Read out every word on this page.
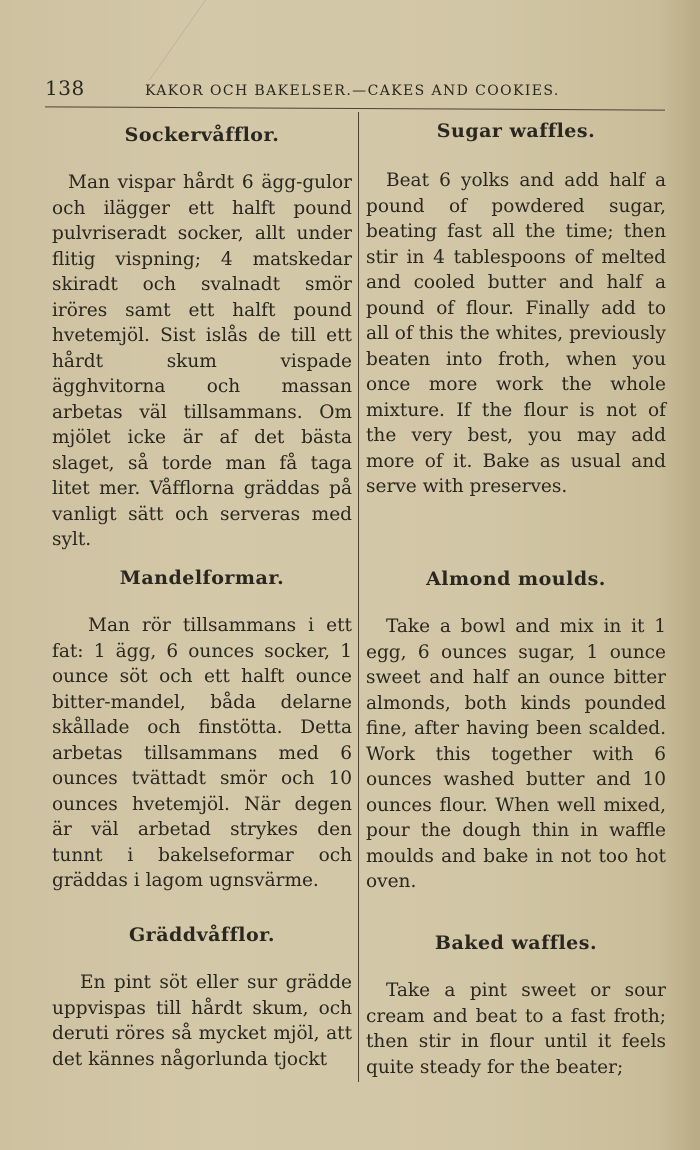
138	KAKOR OCH BAKELSER.—CAKES AND COOKIES.
Sockervåfflor.
Man vispar hårdt 6 ägg-gulor och ilägger ett halft pound pulvriseradt socker, allt under flitig vispning; 4 matskedar skiradt och svalnadt smör iröres samt ett halft pound hvetemjöl. Sist islås de till ett hårdt skum vispade ägghvitorna och massan arbetas väl tillsammans. Om mjölet icke är af det bästa slaget, så torde man få taga litet mer. Våfflorna gräddas på vanligt sätt och serveras med sylt.
Mandelformar.
Man rör tillsammans i ett fat: 1 ägg, 6 ounces socker, 1 ounce söt och ett halft ounce bitter-mandel, båda delarne skållade och finstötta. Detta arbetas tillsammans med 6 ounces tvättadt smör och 10 ounces hvetemjöl. När degen är väl arbetad strykes den tunnt i bakelseformar och gräddas i lagom ugnsvärme.
Gräddvåfflor.
En pint söt eller sur grädde uppvispas till hårdt skum, och deruti röres så mycket mjöl, att det kännes någorlunda tjockt
Sugar waffles.
Beat 6 yolks and add half a pound of powdered sugar, beating fast all the time; then stir in 4 tablespoons of melted and cooled butter and half a pound of flour. Finally add to all of this the whites, previously beaten into froth, when you once more work the whole mixture. If the flour is not of the very best, you may add more of it. Bake as usual and serve with preserves.
Almond moulds.
Take a bowl and mix in it 1 egg, 6 ounces sugar, 1 ounce sweet and half an ounce bitter almonds, both kinds pounded fine, after having been scalded. Work this together with 6 ounces washed butter and 10 ounces flour. When well mixed, pour the dough thin in waffle moulds and bake in not too hot oven.
Baked waffles.
Take a pint sweet or sour cream and beat to a fast froth; then stir in flour until it feels quite steady for the beater;
